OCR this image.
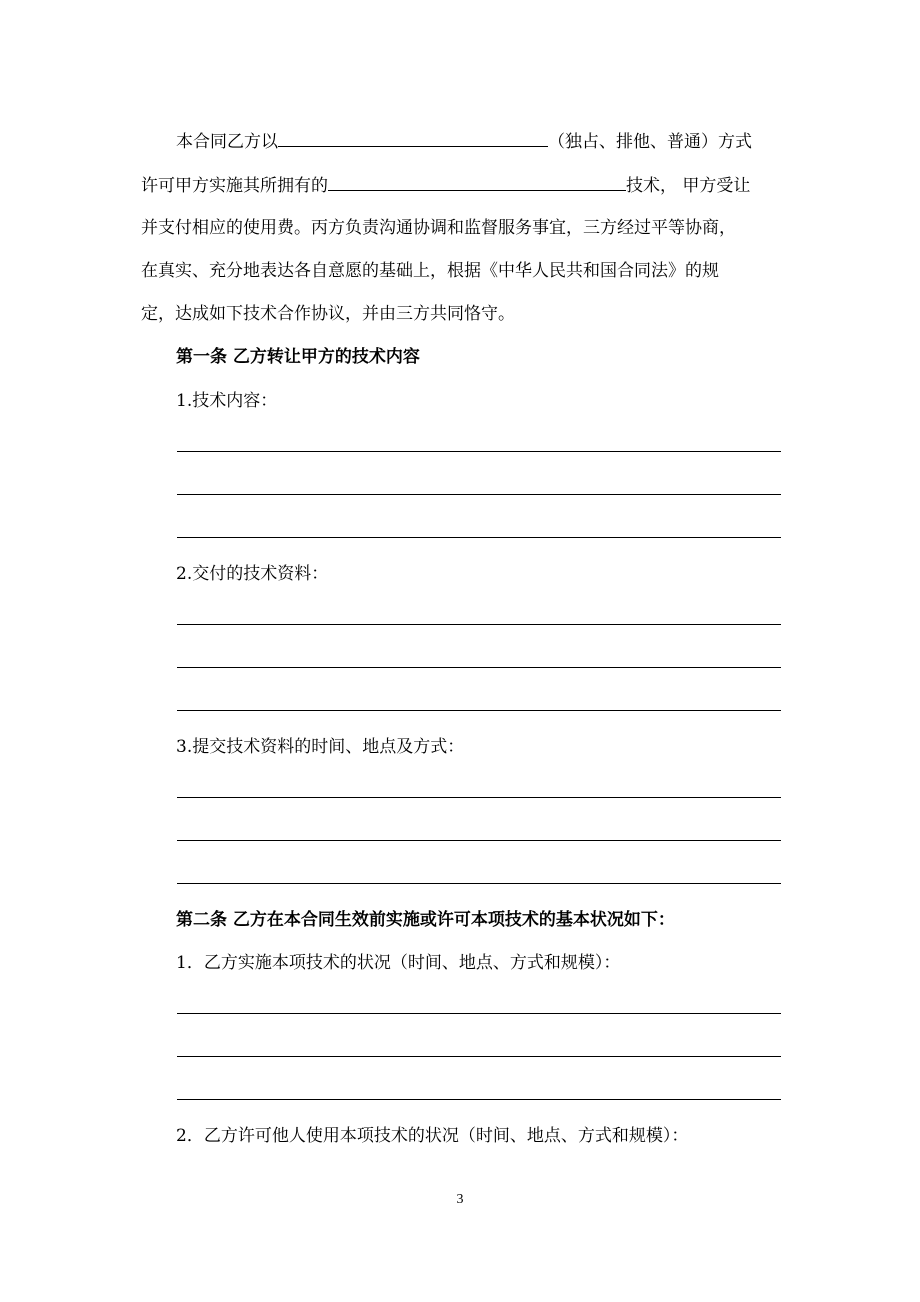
本合同乙方以	（独占、排他、普通）方式
许可甲方实施其所拥有的	技术， 甲方受让
并支付相应的使用费。丙方负责沟通协调和监督服务事宜，三方经过平等协商，
在真实、充分地表达各自意愿的基础上，根据《中华人民共和国合同法》的规
定，达成如下技术合作协议，并由三方共同恪守。
第一条 乙方转让甲方的技术内容
1.技术内容：
2.交付的技术资料：
3.提交技术资料的时间、地点及方式：
第二条 乙方在本合同生效前实施或许可本项技术的基本状况如下：
1．乙方实施本项技术的状况（时间、地点、方式和规模）：
2．乙方许可他人使用本项技术的状况（时间、地点、方式和规模）：
3
